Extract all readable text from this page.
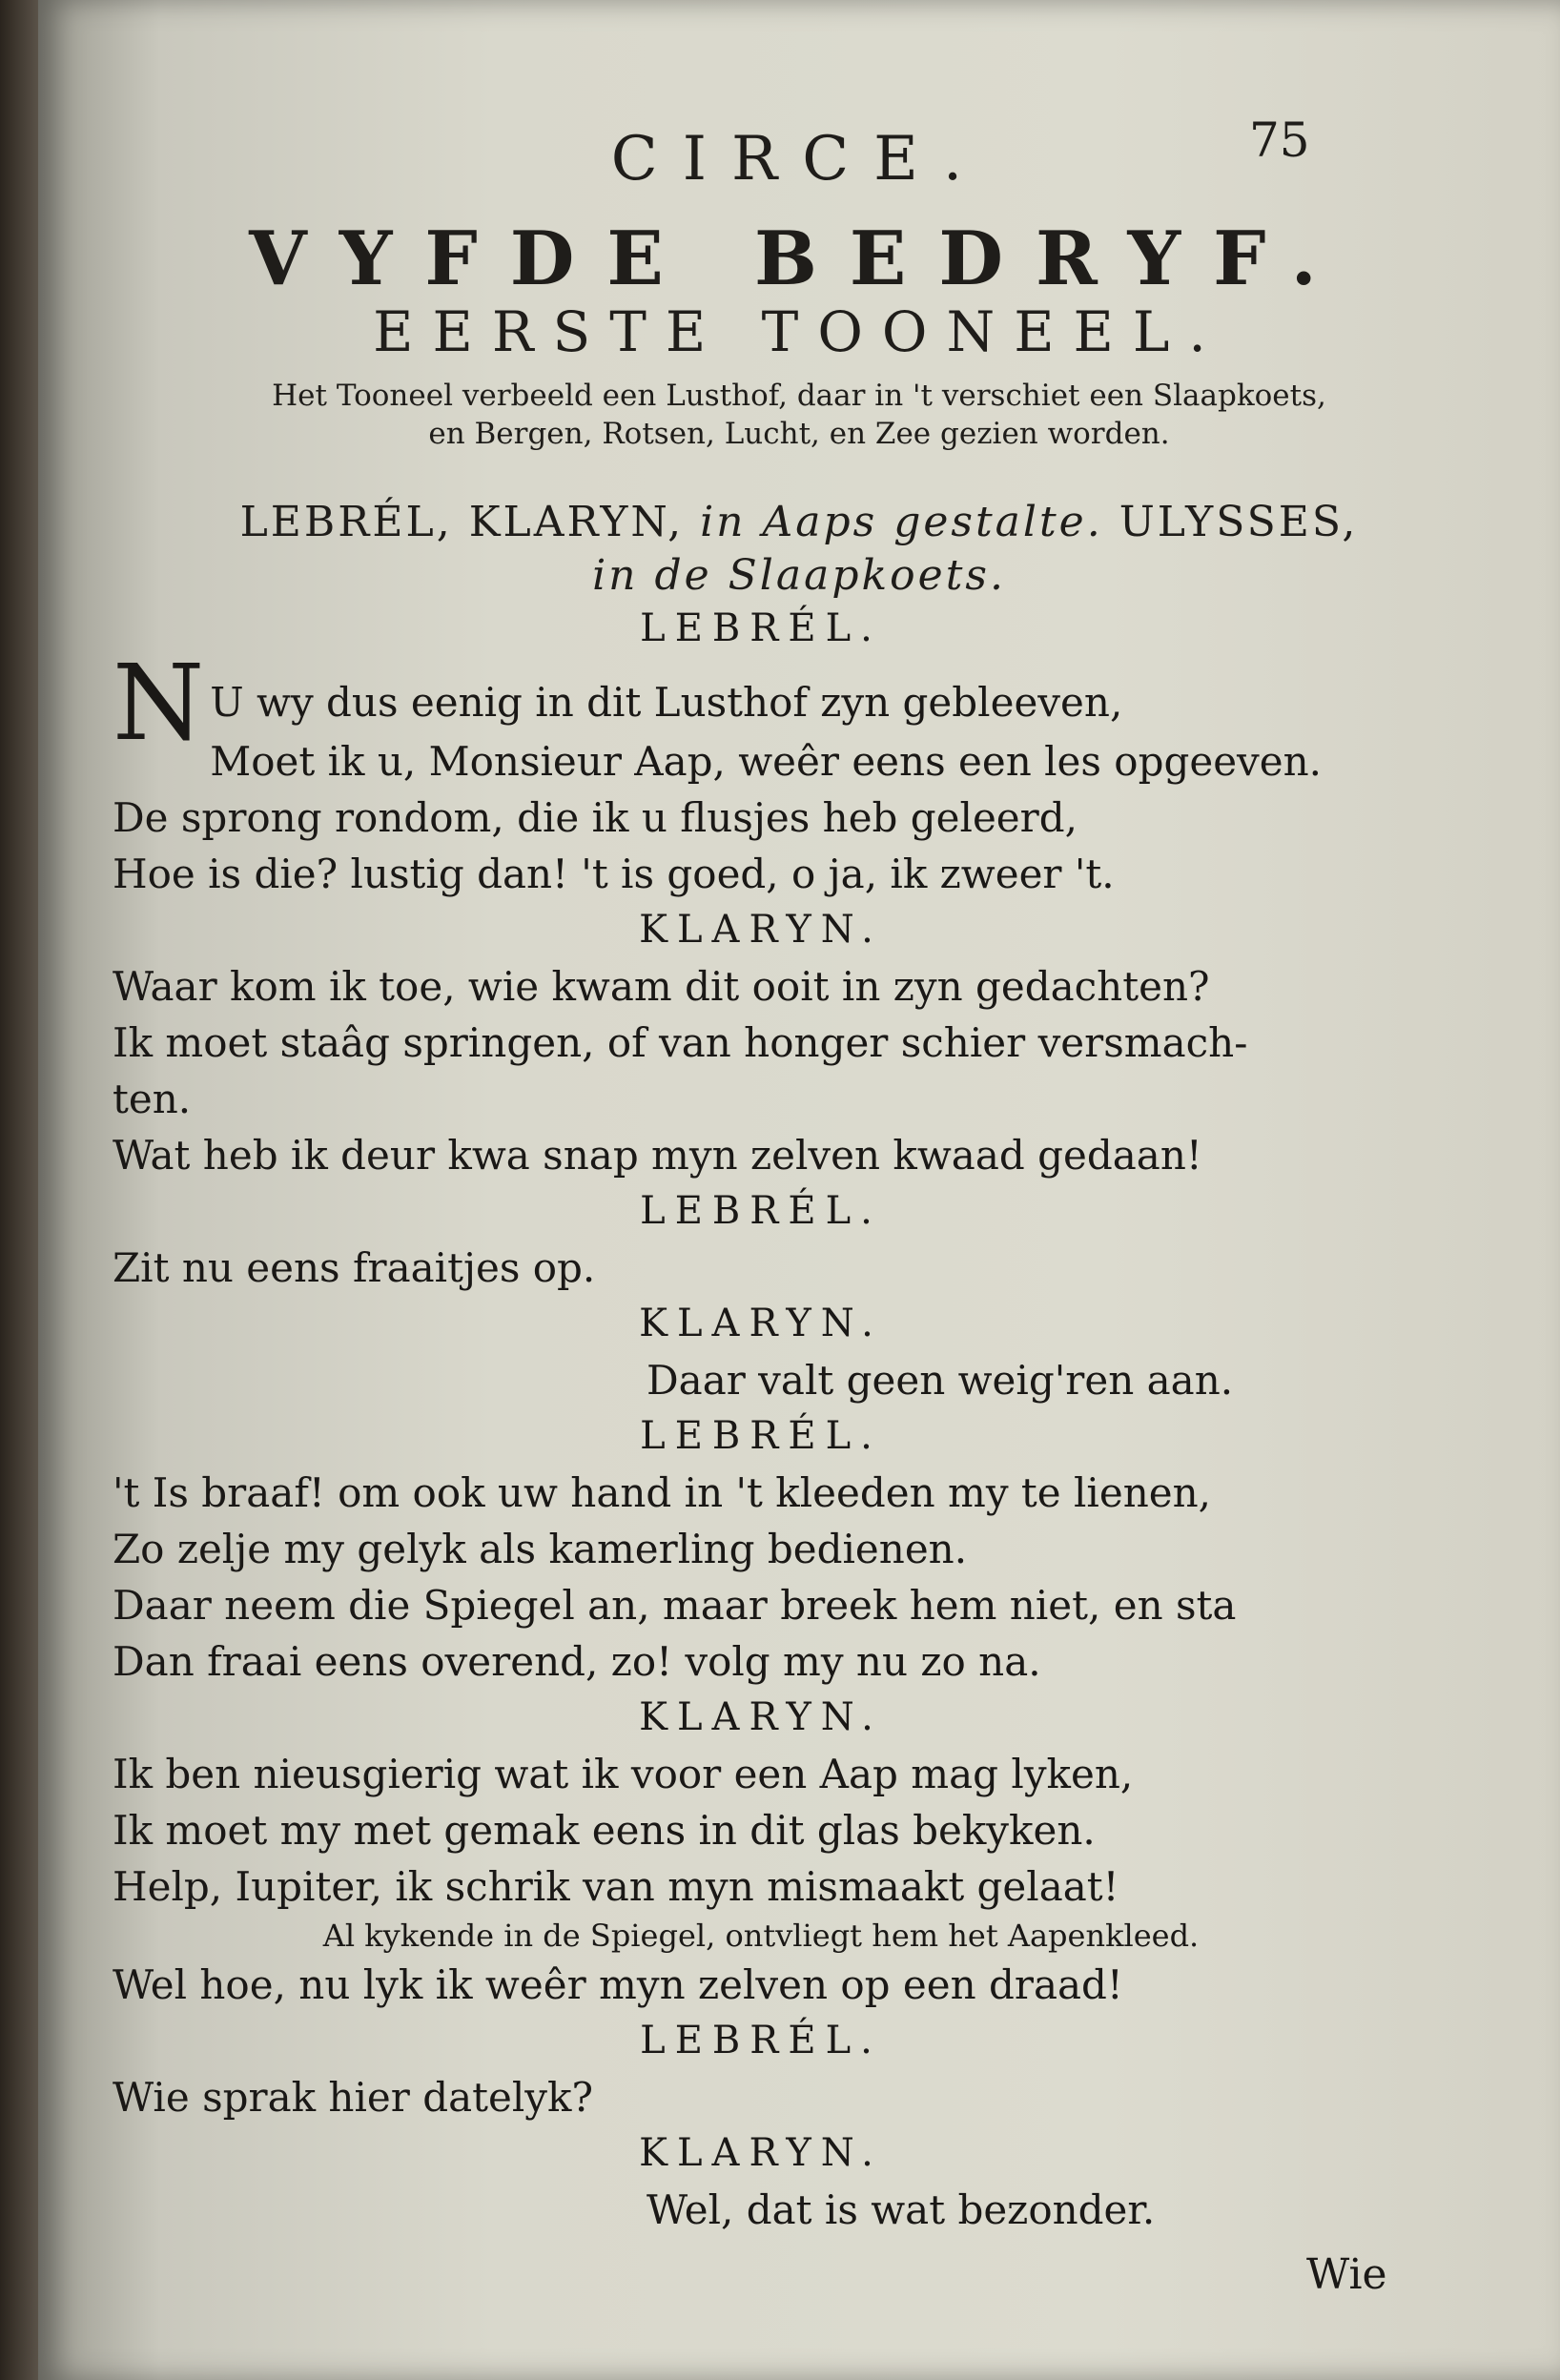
75

CIRCE.

VYFDE BEDRYF.

EERSTE TOONEEL.

Het Tooneel verbeeld een Lusthof, daar in 't verschiet een Slaapkoets,
en Bergen, Rotsen, Lucht, en Zee gezien worden.

LEBRÉL, KLARYN, in Aaps gestalte. ULYSSES,
in de Slaapkoets.

LEBRÉL.
N U wy dus eenig in dit Lusthof zyn gebleeven,
Moet ik u, Monsieur Aap, weêr eens een les opgeeven.
De sprong rondom, die ik u flusjes heb geleerd,
Hoe is die? lustig dan! 't is goed, o ja, ik zweer 't.
KLARYN.
Waar kom ik toe, wie kwam dit ooit in zyn gedachten?
Ik moet staâg springen, of van honger schier versmach-
ten.
Wat heb ik deur kwa snap myn zelven kwaad gedaan!
LEBRÉL.
Zit nu eens fraaitjes op.
KLARYN.
Daar valt geen weig'ren aan.
LEBRÉL.
't Is braaf! om ook uw hand in 't kleeden my te lienen,
Zo zelje my gelyk als kamerling bedienen.
Daar neem die Spiegel an, maar breek hem niet, en sta
Dan fraai eens overend, zo! volg my nu zo na.
KLARYN.
Ik ben nieusgierig wat ik voor een Aap mag lyken,
Ik moet my met gemak eens in dit glas bekyken.
Help, Iupiter, ik schrik van myn mismaakt gelaat!
Al kykende in de Spiegel, ontvliegt hem het Aapenkleed.
Wel hoe, nu lyk ik weêr myn zelven op een draad!
LEBRÉL.
Wie sprak hier datelyk?
KLARYN.
Wel, dat is wat bezonder.
Wie
